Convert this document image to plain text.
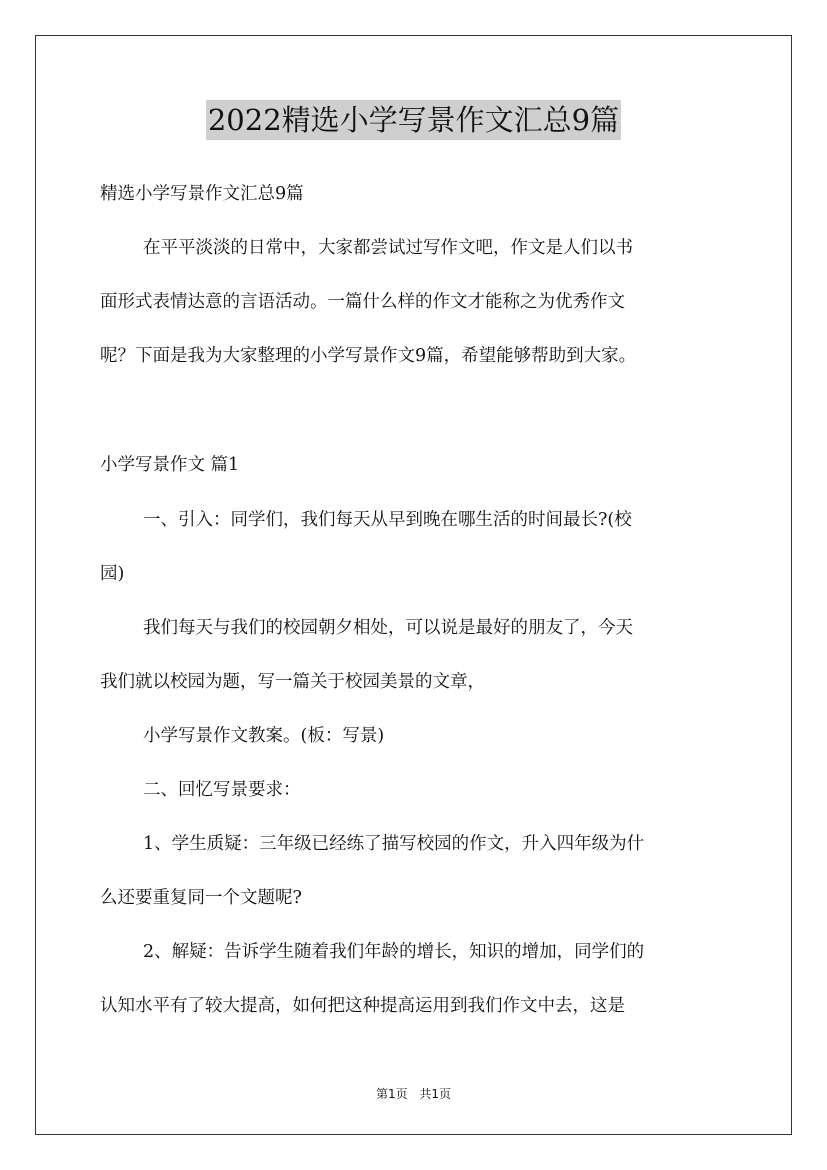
2022精选小学写景作文汇总9篇
精选小学写景作文汇总9篇
在平平淡淡的日常中，大家都尝试过写作文吧，作文是人们以书
面形式表情达意的言语活动。一篇什么样的作文才能称之为优秀作文
呢？下面是我为大家整理的小学写景作文9篇，希望能够帮助到大家。
小学写景作文 篇1
一、引入：同学们，我们每天从早到晚在哪生活的时间最长?(校
园)
我们每天与我们的校园朝夕相处，可以说是最好的朋友了，今天
我们就以校园为题，写一篇关于校园美景的文章，
小学写景作文教案。(板：写景)
二、回忆写景要求：
1、学生质疑：三年级已经练了描写校园的作文，升入四年级为什
么还要重复同一个文题呢?
2、解疑：告诉学生随着我们年龄的增长，知识的增加，同学们的
认知水平有了较大提高，如何把这种提高运用到我们作文中去，这是
第1页 共1页
